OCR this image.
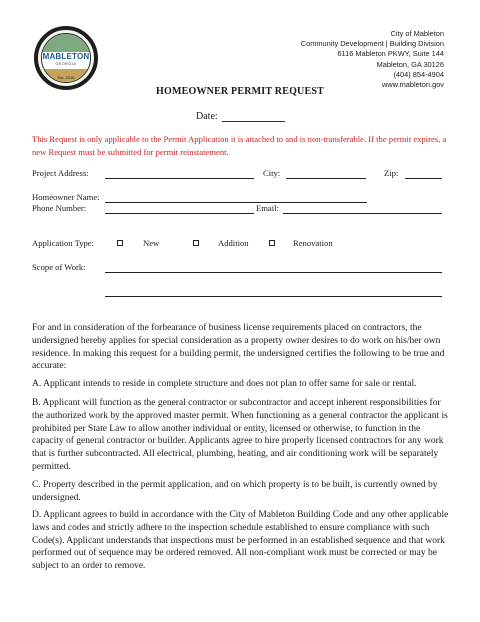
MABLETON
GEORGIA
Est. 2016
City of Mableton
Community Development | Building Division
6116 Mableton PKWY, Suite 144
Mableton, GA 30126
(404) 854-4904
www.mableton.gov
HOMEOWNER PERMIT REQUEST
Date:
This Request is only applicable to the Permit Application it is attached to and is non-transferable. If the permit expires, a new Request must be submitted for permit reinstatement.
Project Address:	City:	Zip:
Homeowner Name:
Phone Number:	Email:
Application Type:	New	Addition	Renovation
Scope of Work:

For and in consideration of the forbearance of business license requirements placed on contractors, the undersigned hereby applies for special consideration as a property owner desires to do work on his/her own residence. In making this request for a building permit, the undersigned certifies the following to be true and accurate:

A. Applicant intends to reside in complete structure and does not plan to offer same for sale or rental.

B. Applicant will function as the general contractor or subcontractor and accept inherent responsibilities for the authorized work by the approved master permit. When functioning as a general contractor the applicant is prohibited per State Law to allow another individual or entity, licensed or otherwise, to function in the capacity of general contractor or builder. Applicants agree to hire properly licensed contractors for any work that is further subcontracted. All electrical, plumbing, heating, and air conditioning work will be separately permitted.

C. Property described in the permit application, and on which property is to be built, is currently owned by undersigned.

D. Applicant agrees to build in accordance with the City of Mableton Building Code and any other applicable laws and codes and strictly adhere to the inspection schedule established to ensure compliance with such Code(s). Applicant understands that inspections must be performed in an established sequence and that work performed out of sequence may be ordered removed. All non-compliant work must be corrected or may be subject to an order to remove.
